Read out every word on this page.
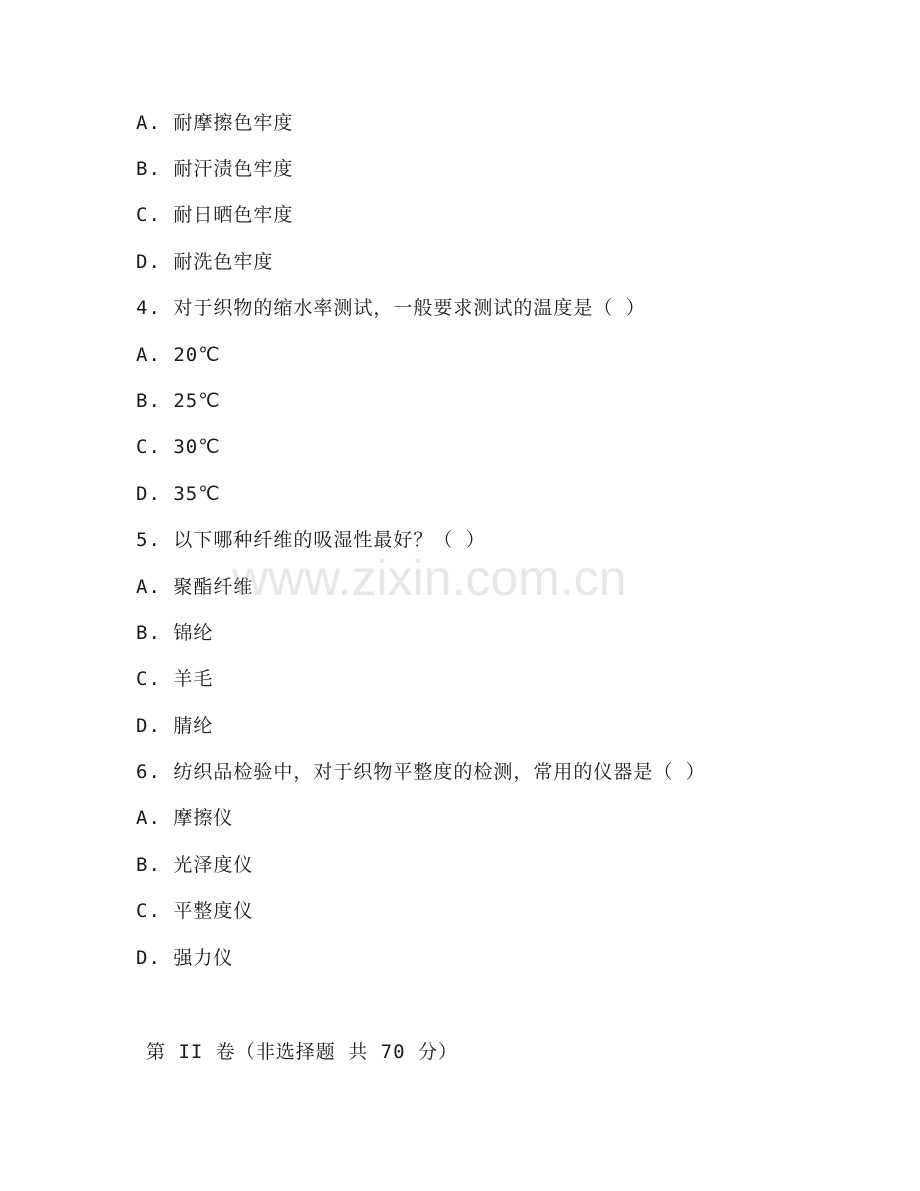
A. 耐摩擦色牢度
B. 耐汗渍色牢度
C. 耐日晒色牢度
D. 耐洗色牢度
4. 对于织物的缩水率测试，一般要求测试的温度是（ ）
A. 20℃
B. 25℃
C. 30℃
D. 35℃
5. 以下哪种纤维的吸湿性最好？（ ）
A. 聚酯纤维
B. 锦纶
C. 羊毛
D. 腈纶
6. 纺织品检验中，对于织物平整度的检测，常用的仪器是（ ）
A. 摩擦仪
B. 光泽度仪
C. 平整度仪
D. 强力仪
第 II 卷（非选择题 共 70 分）
www.zixin.com.cn
